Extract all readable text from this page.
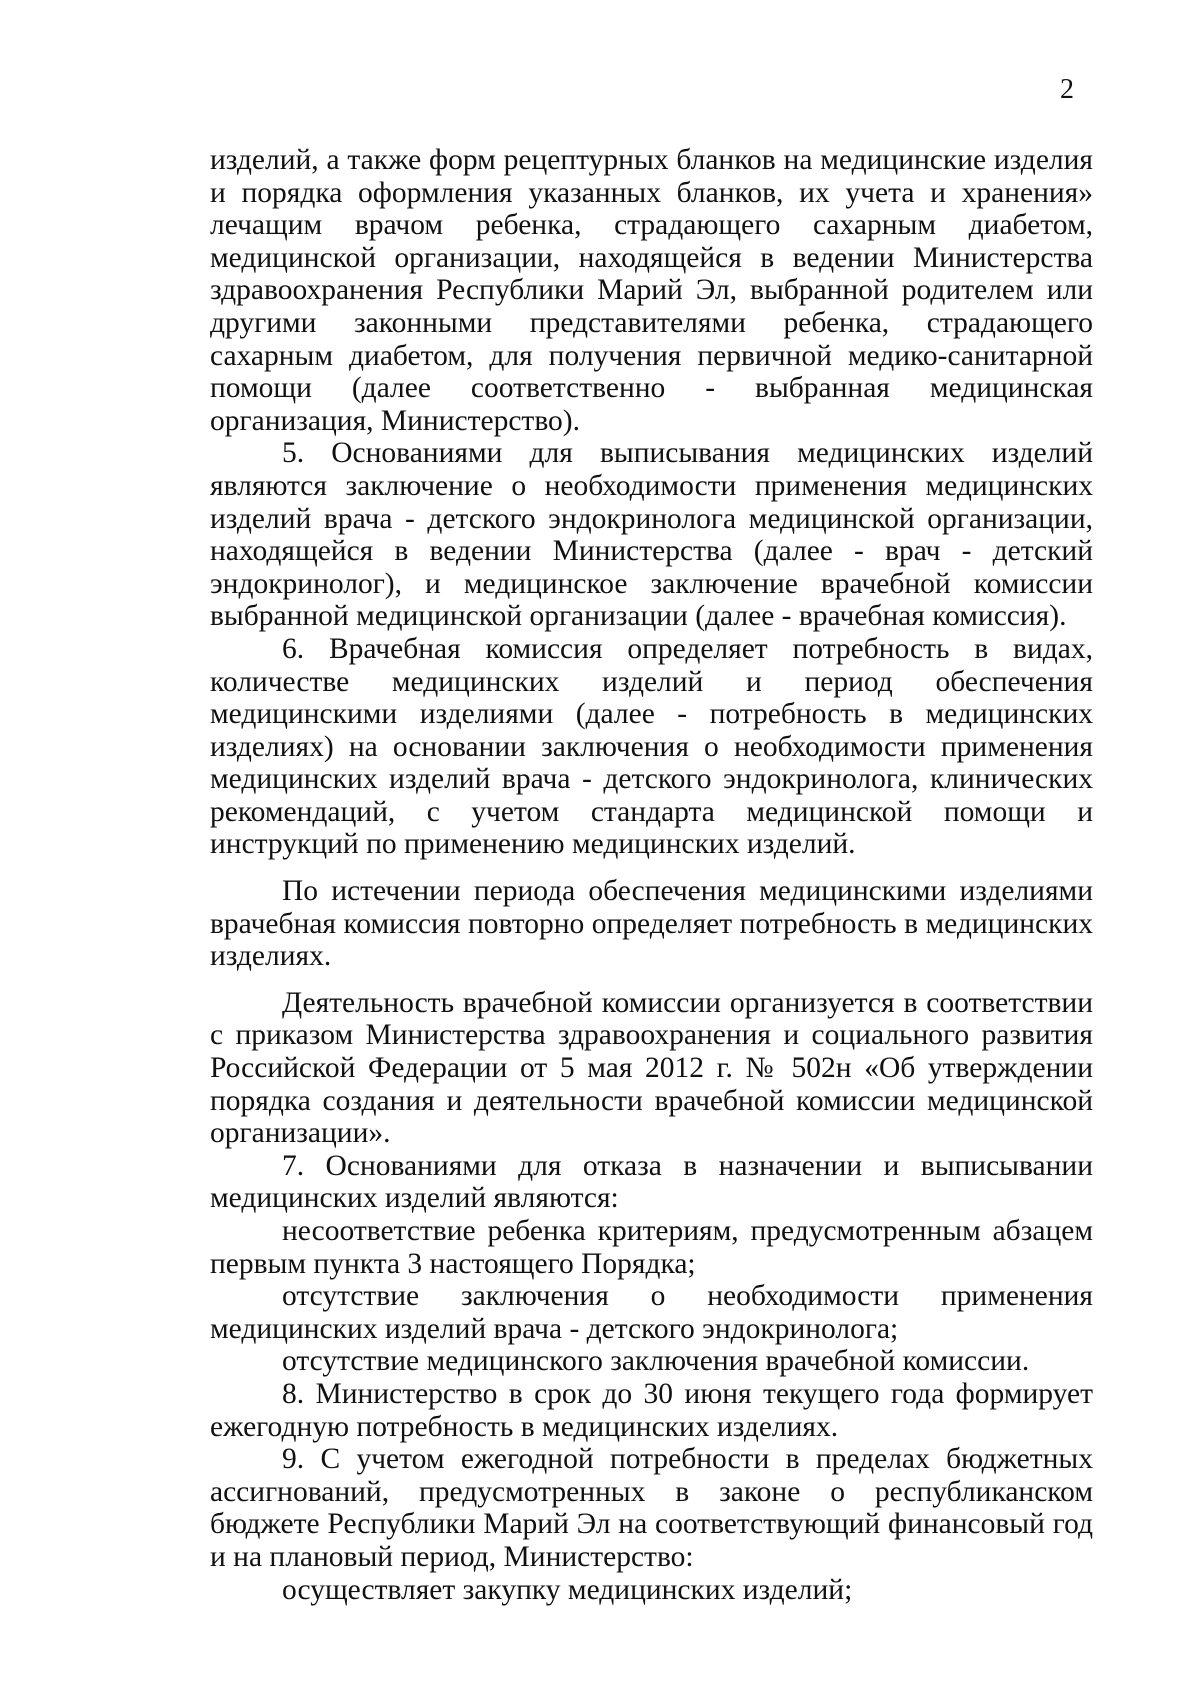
2

изделий, а также форм рецептурных бланков на медицинские изделия и порядка оформления указанных бланков, их учета и хранения» лечащим врачом ребенка, страдающего сахарным диабетом, медицинской организации, находящейся в ведении Министерства здравоохранения Республики Марий Эл, выбранной родителем или другими законными представителями ребенка, страдающего сахарным диабетом, для получения первичной медико-санитарной помощи (далее соответственно - выбранная медицинская организация, Министерство).

5. Основаниями для выписывания медицинских изделий являются заключение о необходимости применения медицинских изделий врача - детского эндокринолога медицинской организации, находящейся в ведении Министерства (далее - врач - детский эндокринолог), и медицинское заключение врачебной комиссии выбранной медицинской организации (далее - врачебная комиссия).

6. Врачебная комиссия определяет потребность в видах, количестве медицинских изделий и период обеспечения медицинскими изделиями (далее - потребность в медицинских изделиях) на основании заключения о необходимости применения медицинских изделий врача - детского эндокринолога, клинических рекомендаций, с учетом стандарта медицинской помощи и инструкций по применению медицинских изделий.

По истечении периода обеспечения медицинскими изделиями врачебная комиссия повторно определяет потребность в медицинских изделиях.

Деятельность врачебной комиссии организуется в соответствии с приказом Министерства здравоохранения и социального развития Российской Федерации от 5 мая 2012 г. № 502н «Об утверждении порядка создания и деятельности врачебной комиссии медицинской организации».

7. Основаниями для отказа в назначении и выписывании медицинских изделий являются:

несоответствие ребенка критериям, предусмотренным абзацем первым пункта 3 настоящего Порядка;

отсутствие заключения о необходимости применения медицинских изделий врача - детского эндокринолога;

отсутствие медицинского заключения врачебной комиссии.

8. Министерство в срок до 30 июня текущего года формирует ежегодную потребность в медицинских изделиях.

9. С учетом ежегодной потребности в пределах бюджетных ассигнований, предусмотренных в законе о республиканском бюджете Республики Марий Эл на соответствующий финансовый год и на плановый период, Министерство:

осуществляет закупку медицинских изделий;
